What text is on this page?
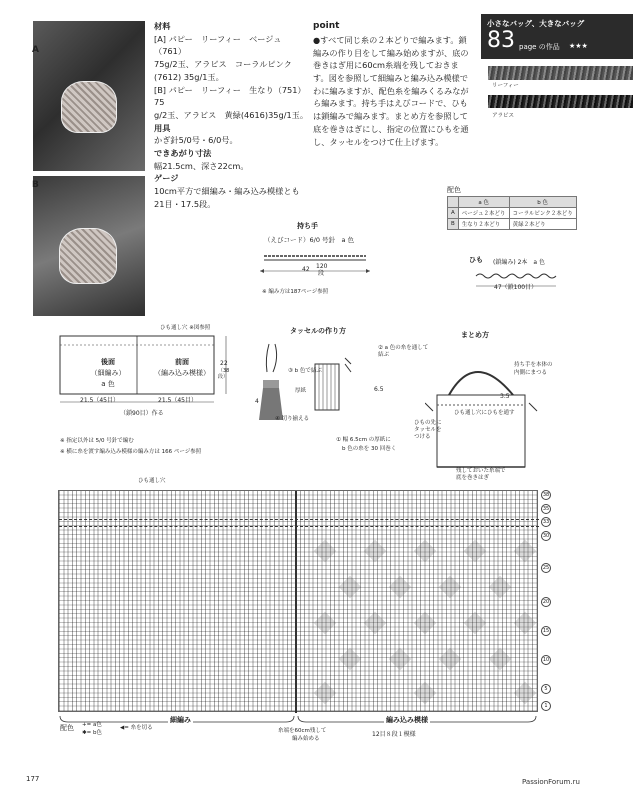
A
B
材料
[A] パピー　リーフィー　ベージュ（761）
75g/2玉、アラビス　コーラルピンク
(7612) 35g/1玉。
[B] パピー　リーフィー　生なり（751）75
g/2玉、アラビス　黄緑(4616)35g/1玉。
用具
かぎ針5/0号・6/0号。
できあがり寸法
幅21.5cm、深さ22cm。
ゲージ
10cm平方で細編み・編み込み模様とも
21目・17.5段。
point
●すべて同じ糸の２本どりで編みます。鎖
編みの作り目をして編み始めますが、底の
巻きはぎ用に60cm糸端を残しておきま
す。図を参照して細編みと編み込み模様で
わに編みますが、配色糸を編みくるみなが
ら編みます。持ち手はえびコードで、ひも
は鎖編みで編みます。まとめ方を参照して
底を巻きはぎにし、指定の位置にひもを通
し、タッセルをつけて仕上げます。
小さなバッグ、大きなバッグ
83 page の作品 ★★★
リーフィー
アラビス
配色
	a 色	b 色
A	ベージュ２本どり	コーラルピンク２本どり
B	生なり２本どり	黄緑２本どり
持ち手
（えびコード）6/0 号針　a 色
42 120
段
※ 編み方は187ページ参照
ひも (鎖編み) 2本　a 色
47（鎖100目）
ひも通し穴 ※図参照
後面
（細編み）
a 色
前面
（編み込み模様）
21.5（45目）	21.5（45目）
22
（38段）
（鎖90目）作る
※ 指定以外は 5/0 号針で編む
※ 横に糸を渡す編み込み模様の編み方は 166 ページ参照
タッセルの作り方
② a 色の糸を通して結ぶ
③ b 色で結ぶ
厚紙	6.5
4
④ 切り揃える
① 幅 6.5cm の厚紙に
b 色の糸を 30 回巻く
まとめ方
持ち手を本体の
内側にまつる
3.5
ひも通し穴にひもを通す
ひもの先に
タッセルを
つける
残しておいた糸端で
底を巻きはぎ
ひも通し穴
38
35
33
30
25
20
15
10
5
1
細編み	編み込み模様
糸端を60cm残して
編み始める
12目８段１模様
配色 += a色
✱= b色
◀= 糸を切る
177	PassionForum.ru
